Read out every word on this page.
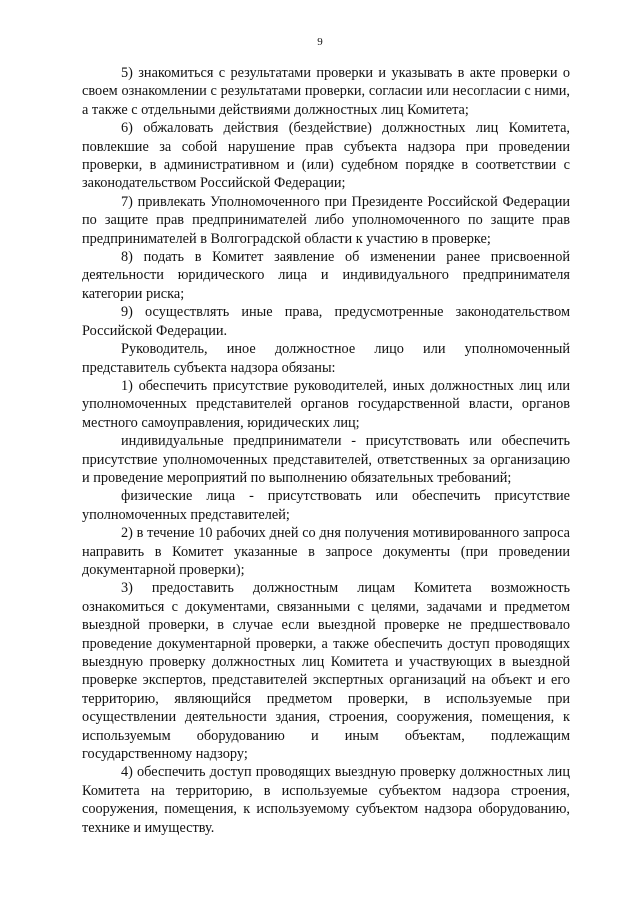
9

5) знакомиться с результатами проверки и указывать в акте проверки о своем ознакомлении с результатами проверки, согласии или несогласии с ними, а также с отдельными действиями должностных лиц Комитета;

6) обжаловать действия (бездействие) должностных лиц Комитета, повлекшие за собой нарушение прав субъекта надзора при проведении проверки, в административном и (или) судебном порядке в соответствии с законодательством Российской Федерации;

7) привлекать Уполномоченного при Президенте Российской Федерации по защите прав предпринимателей либо уполномоченного по защите прав предпринимателей в Волгоградской области к участию в проверке;

8) подать в Комитет заявление об изменении ранее присвоенной деятельности юридического лица и индивидуального предпринимателя категории риска;

9) осуществлять иные права, предусмотренные законодательством Российской Федерации.

Руководитель, иное должностное лицо или уполномоченный представитель субъекта надзора обязаны:

1) обеспечить присутствие руководителей, иных должностных лиц или уполномоченных представителей органов государственной власти, органов местного самоуправления, юридических лиц;

индивидуальные предприниматели - присутствовать или обеспечить присутствие уполномоченных представителей, ответственных за организацию и проведение мероприятий по выполнению обязательных требований;

физические лица - присутствовать или обеспечить присутствие уполномоченных представителей;

2) в течение 10 рабочих дней со дня получения мотивированного запроса направить в Комитет указанные в запросе документы (при проведении документарной проверки);

3) предоставить должностным лицам Комитета возможность ознакомиться с документами, связанными с целями, задачами и предметом выездной проверки, в случае если выездной проверке не предшествовало проведение документарной проверки, а также обеспечить доступ проводящих выездную проверку должностных лиц Комитета и участвующих в выездной проверке экспертов, представителей экспертных организаций на объект и его территорию, являющийся предметом проверки, в используемые при осуществлении деятельности здания, строения, сооружения, помещения, к используемым оборудованию и иным объектам, подлежащим государственному надзору;

4) обеспечить доступ проводящих выездную проверку должностных лиц Комитета на территорию, в используемые субъектом надзора строения, сооружения, помещения, к используемому субъектом надзора оборудованию, технике и имуществу.
